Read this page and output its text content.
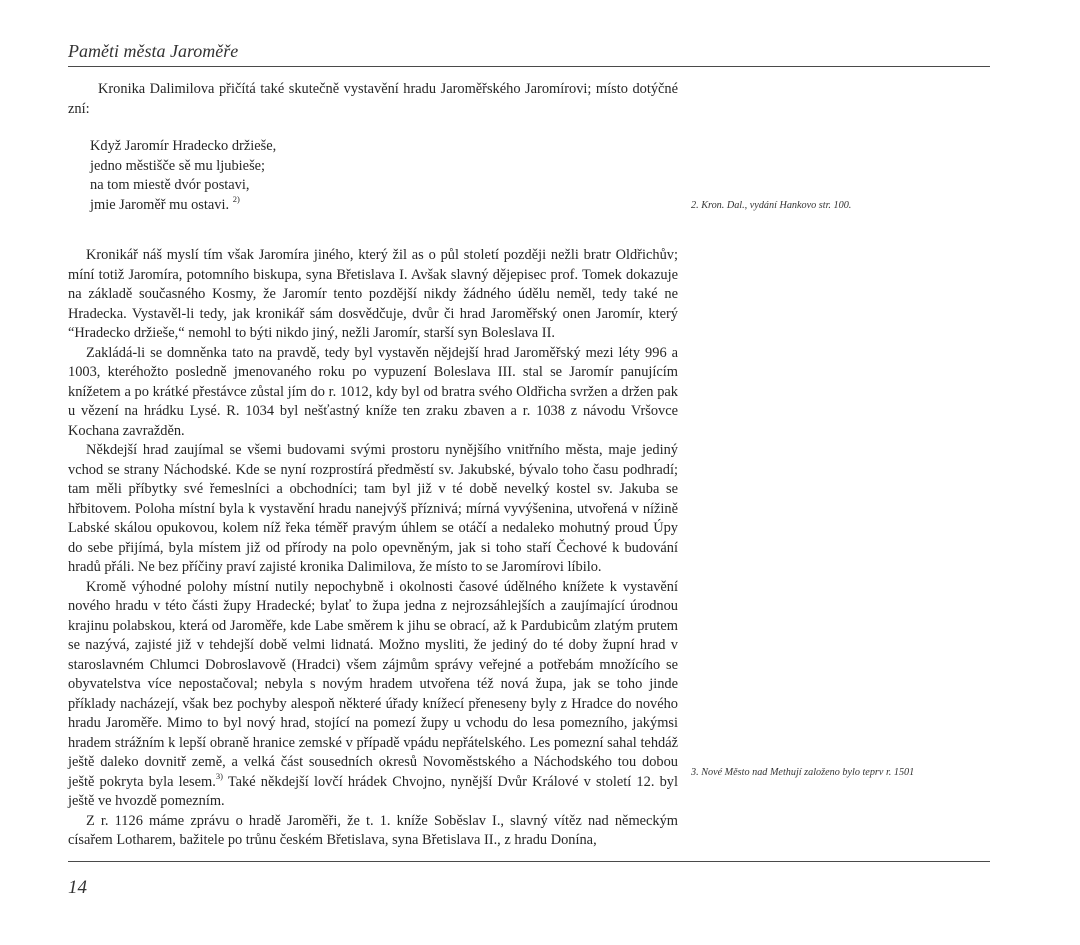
Paměti města Jaroměře

Kronika Dalimilova přičítá také skutečně vystavění hradu Jaroměřského Jaromírovi; místo dotýčné zní:

Když Jaromír Hradecko držieše,
jedno městišče sě mu ljubieše;
na tom miestě dvór postavi,
jmie Jaroměř mu ostavi. $^{2)}$

Kronikář náš myslí tím však Jaromíra jiného, který žil as o půl století později nežli bratr Oldřichův; míní totiž Jaromíra, potomního biskupa, syna Břetislava I. Avšak slavný dějepisec prof. Tomek dokazuje na základě současného Kosmy, že Jaromír tento pozdější nikdy žádného údělu neměl, tedy také ne Hradecka. Vystavěl-li tedy, jak kronikář sám dosvědčuje, dvůr či hrad Jaroměřský onen Jaromír, který “Hradecko držieše,“ nemohl to býti nikdo jiný, nežli Jaromír, starší syn Boleslava II.

Zakládá-li se domněnka tato na pravdě, tedy byl vystavěn nějdejší hrad Jaroměřský mezi léty 996 a 1003, kteréhožto posledně jmenovaného roku po vypuzení Boleslava III. stal se Jaromír panujícím knížetem a po krátké přestávce zůstal jím do r. 1012, kdy byl od bratra svého Oldřicha svržen a držen pak u vězení na hrádku Lysé. R. 1034 byl nešťastný kníže ten zraku zbaven a r. 1038 z návodu Vršovce Kochana zavražděn.

Někdejší hrad zaujímal se všemi budovami svými prostoru nynějšího vnitřního města, maje jediný vchod se strany Náchodské. Kde se nyní rozprostírá předměstí sv. Jakubské, bývalo toho času podhradí; tam měli příbytky své řemeslníci a obchodníci; tam byl již v té době nevelký kostel sv. Jakuba se hřbitovem. Poloha místní byla k vystavění hradu nanejvýš příznivá; mírná vyvýšenina, utvořená v nížině Labské skálou opukovou, kolem níž řeka téměř pravým úhlem se otáčí a nedaleko mohutný proud Úpy do sebe přijímá, byla místem již od přírody na polo opevněným, jak si toho staří Čechové k budování hradů přáli. Ne bez příčiny praví zajisté kronika Dalimilova, že místo to se Jaromírovi líbilo.

Kromě výhodné polohy místní nutily nepochybně i okolnosti časové údělného knížete k vystavění nového hradu v této části župy Hradecké; bylať to župa jedna z nejrozsáhlejších a zaujímající úrodnou krajinu polabskou, která od Jaroměře, kde Labe směrem k jihu se obrací, až k Pardubicům zlatým prutem se nazývá, zajisté již v tehdejší době velmi lidnatá. Možno mysliti, že jediný do té doby župní hrad v staroslavném Chlumci Dobroslavově (Hradci) všem zájmům správy veřejné a potřebám množícího se obyvatelstva více nepostačoval; nebyla s novým hradem utvořena též nová župa, jak se toho jinde příklady nacházejí, však bez pochyby alespoň některé úřady knížecí přeneseny byly z Hradce do nového hradu Jaroměře. Mimo to byl nový hrad, stojící na pomezí župy u vchodu do lesa pomezního, jakýmsi hradem strážním k lepší obraně hranice zemské v případě vpádu nepřátelského. Les pomezní sahal tehdáž ještě daleko dovnitř země, a velká část sousedních okresů Novoměstského a Náchodského tou dobou ještě pokryta byla lesem.$^{3)}$ Také někdejší lovčí hrádek Chvojno, nynější Dvůr Králové v století 12. byl ještě ve hvozdě pomezním.

Z r. 1126 máme zprávu o hradě Jaroměři, že t. 1. kníže Soběslav I., slavný vítěz nad německým císařem Lotharem, bažitele po trůnu českém Břetislava, syna Břetislava II., z hradu Donína,

2. Kron. Dal., vydání Hankovo str. 100.
3. Nové Město nad Methují založeno bylo teprv r. 1501
14
